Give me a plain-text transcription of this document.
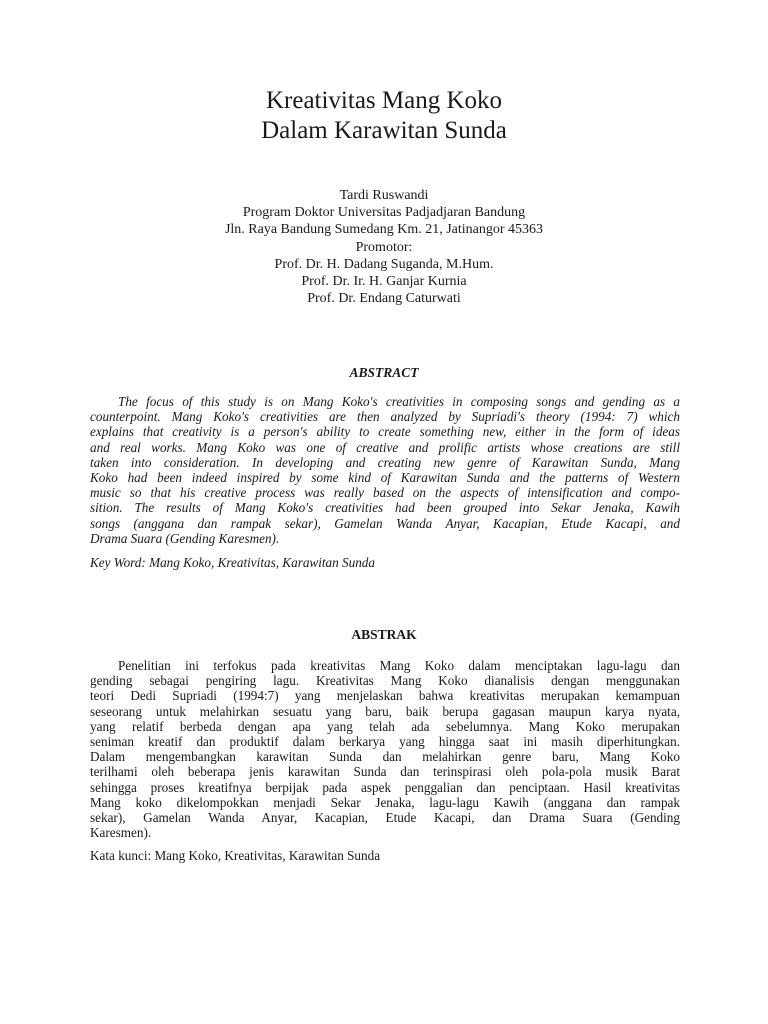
Kreativitas Mang Koko
Dalam Karawitan Sunda
Tardi Ruswandi
Program Doktor Universitas Padjadjaran Bandung
Jln. Raya Bandung Sumedang Km. 21, Jatinangor 45363
Promotor:
Prof. Dr. H. Dadang Suganda, M.Hum.
Prof. Dr. Ir. H. Ganjar Kurnia
Prof. Dr. Endang Caturwati
ABSTRACT
The focus of this study is on Mang Koko's creativities in composing songs and gending as a
counterpoint. Mang Koko's creativities are then analyzed by Supriadi's theory (1994: 7) which
explains that creativity is a person's ability to create something new, either in the form of ideas
and real works. Mang Koko was one of creative and prolific artists whose creations are still
taken into consideration. In developing and creating new genre of Karawitan Sunda, Mang
Koko had been indeed inspired by some kind of Karawitan Sunda and the patterns of Western
music so that his creative process was really based on the aspects of intensification and compo-
sition. The results of Mang Koko's creativities had been grouped into Sekar Jenaka, Kawih
songs (anggana dan rampak sekar), Gamelan Wanda Anyar, Kacapian, Etude Kacapi, and
Drama Suara (Gending Karesmen).
Key Word: Mang Koko, Kreativitas, Karawitan Sunda
ABSTRAK
Penelitian ini terfokus pada kreativitas Mang Koko dalam menciptakan lagu-lagu dan
gending sebagai pengiring lagu. Kreativitas Mang Koko dianalisis dengan menggunakan
teori Dedi Supriadi (1994:7) yang menjelaskan bahwa kreativitas merupakan kemampuan
seseorang untuk melahirkan sesuatu yang baru, baik berupa gagasan maupun karya nyata,
yang relatif berbeda dengan apa yang telah ada sebelumnya. Mang Koko merupakan
seniman kreatif dan produktif dalam berkarya yang hingga saat ini masih diperhitungkan.
Dalam mengembangkan karawitan Sunda dan melahirkan genre baru, Mang Koko
terilhami oleh beberapa jenis karawitan Sunda dan terinspirasi oleh pola-pola musik Barat
sehingga proses kreatifnya berpijak pada aspek penggalian dan penciptaan. Hasil kreativitas
Mang koko dikelompokkan menjadi Sekar Jenaka, lagu-lagu Kawih (anggana dan rampak
sekar), Gamelan Wanda Anyar, Kacapian, Etude Kacapi, dan Drama Suara (Gending
Karesmen).
Kata kunci: Mang Koko, Kreativitas, Karawitan Sunda
